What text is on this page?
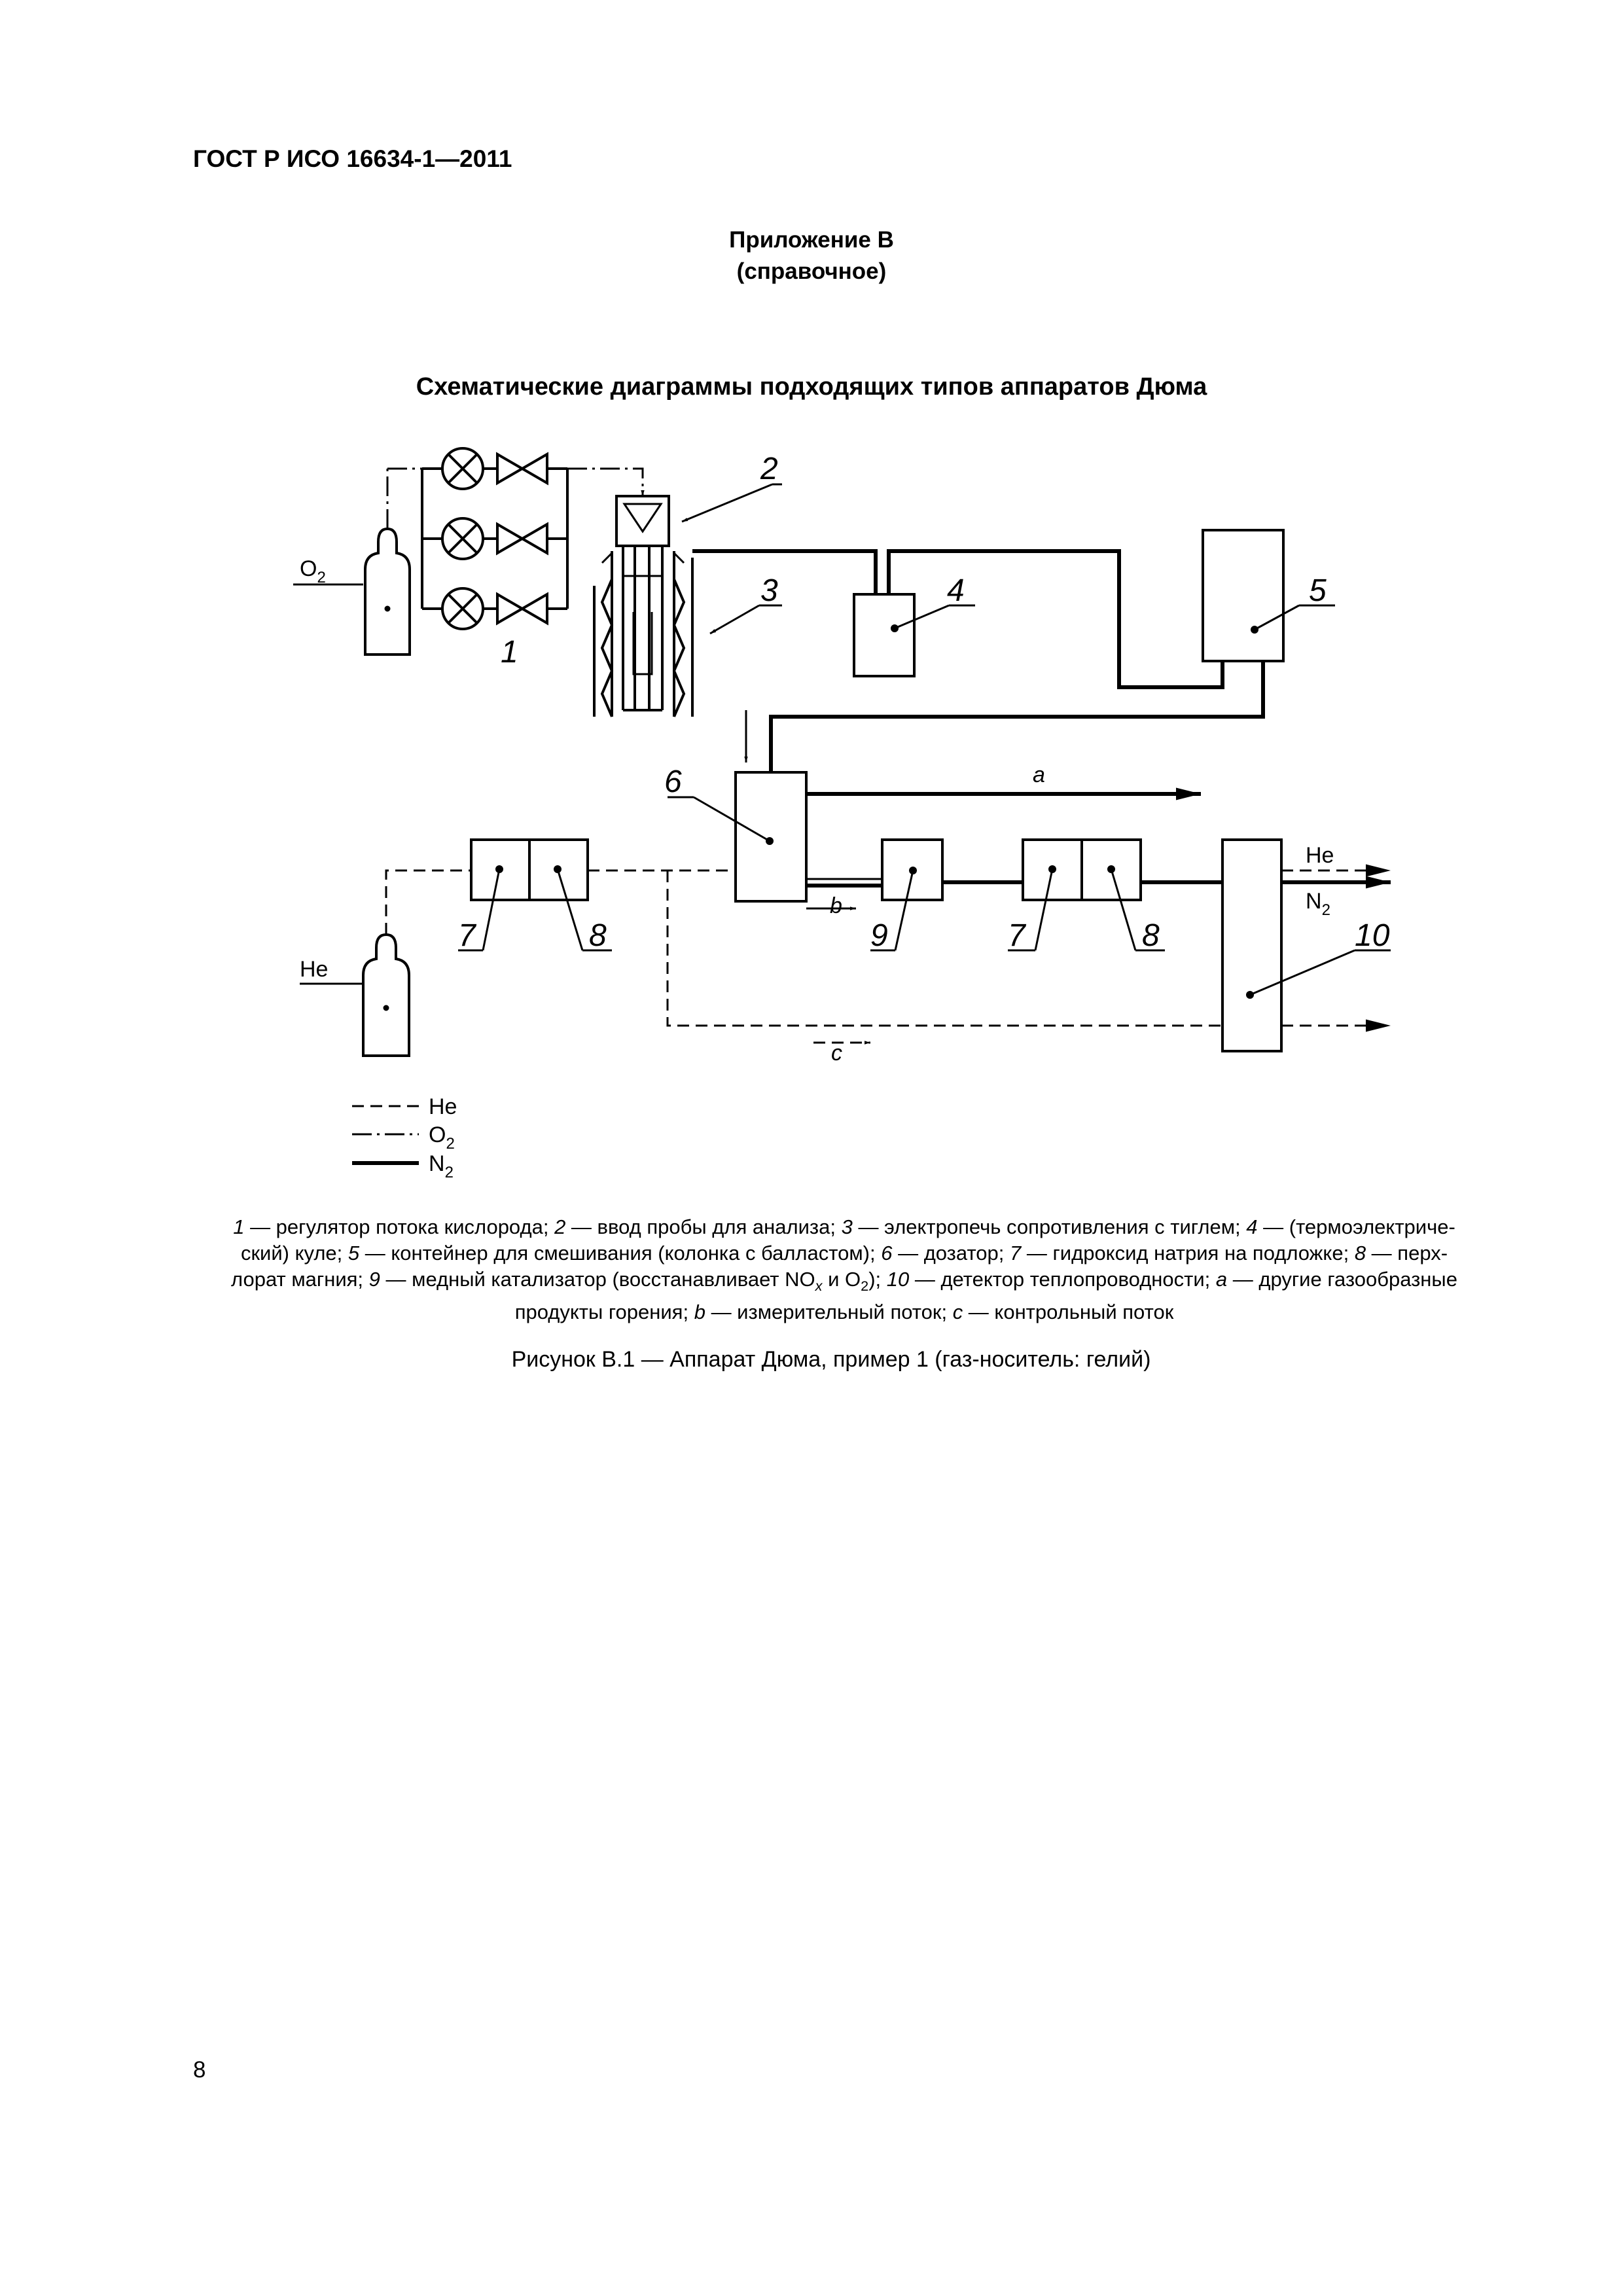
ГОСТ Р ИСО 16634-1—2011
Приложение В
(справочное)
Схематические диаграммы подходящих типов аппаратов Дюма
$O_2$
He
He
$N_2$
1
2
3	4	5
6
7	8	9	7	8	10
a
b
c
He
$O_2$
$N_2$
1 — регулятор потока кислорода; 2 — ввод пробы для анализа; 3 — электропечь сопротивления с тиглем; 4 — (термоэлектриче-
ский) куле; 5 — контейнер для смешивания (колонка с балластом); 6 — дозатор; 7 — гидроксид натрия на подложке; 8 — перх-
лорат магния; 9 — медный катализатор (восстанавливает $NO_x$ и $O_2$); 10 — детектор теплопроводности; a — другие газообразные
продукты горения; b — измерительный поток; c — контрольный поток
Рисунок В.1 — Аппарат Дюма, пример 1 (газ-носитель: гелий)
8
